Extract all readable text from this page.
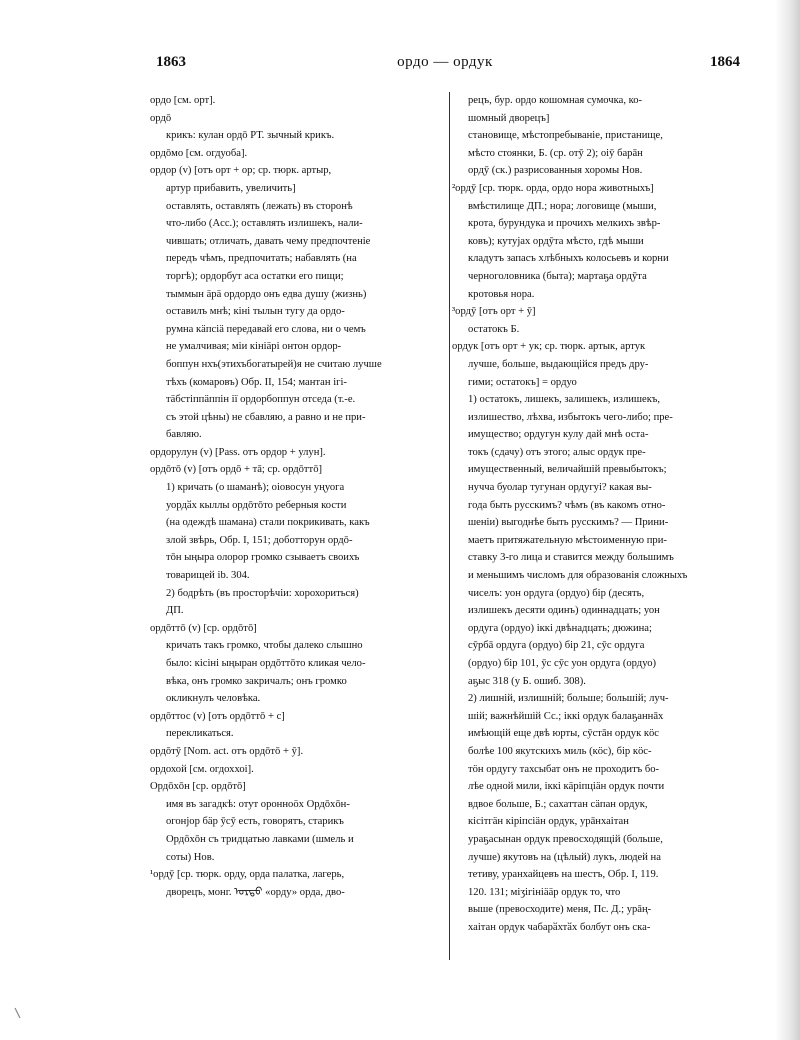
1863	ордо — ордук	1864
ордо [см. орт].
ордō
крикъ: кулан ордō РТ. зычный крикъ.
ордōмо [см. огдуоба].
ордор (v) [отъ орт + ор; ср. тюрк. артыр,
артур прибавить, увеличить]
оставлять, оставлять (лежать) въ сторонѣ
что-либо (Acc.); оставлять излишекъ, нали-
чившать; отличать, давать чему предпочтеніе
передъ чѣмъ, предпочитать; набавлять (на
торгѣ); ордорбут аса остатки его пищи;
тыммын ӓрӓ ордордо онъ едва душу (жизнь)
оставилъ мнѣ; кіні тылын тугу да ордо-
румна кӓпсіӓ передавай его слова, ни о чемъ
не умалчивая; міи кініӓрі онтон ордор-
боппун нхъ(этихъбогатырей)я не считаю лучше
тѣхъ (комаровъ) Обр. II, 154; мантан ігі-
тӓбстіппӓппін ії ордорбоппун отседа (т.-е.
съ этой цѣны) не сбавляю, а равно и не при-
бавляю.
ордорулун (v) [Pass. отъ ордор + улун].
ордōтō (v) [отъ ордō + тā; ср. ордōттō]
1) кричать (о шаманѣ); оіовосун уңуога
уордӑх кыллы ордōтōто реберныя кости
(на одеждѣ шамана) стали покрикивать, какъ
злой звѣрь, Обр. I, 151; доботторун ордō-
тōн ыңыра олорор громко сзываетъ своихъ
товарищей ib. 304.
2) бодрѣть (въ просторѣчіи: хорохориться)
ДП.
ордōттō (v) [ср. ордōтō]
кричать такъ громко, чтобы далеко слышно
было: кісіні ыңыран ордōттōто кликая чело-
вѣка, онъ громко закричалъ; онъ громко
окликнулъ человѣка.
ордōттос (v) [отъ ордōттō + с]
перекликаться.
ордōтӯ [Nom. act. отъ ордōтō + ӯ].
ордохой [см. огдоххоі].
Ордōхōн [ср. ордōтō]
имя въ загадкѣ: отут оронноӧх Ордōхōн-
огонјор бӓр ӯсӯ есть, говорятъ, старикъ
Ордōхōн съ тридцатью лавками (шмель и
соты) Нов.
¹ордӯ [ср. тюрк. орду, орда палатка, лагерь,
дворецъ, монг. ᠣᠷᠳᠤ «орду» орда, дво-
рецъ, бур. ордо кошомная сумочка, ко-
шомный дворецъ]
становище, мѣстопребываніе, пристанище,
мѣсто стоянки, Б. (ср. отӯ 2); оіӯ барāн
ордӯ (ск.) разрисованныя хоромы Нов.
²ордӯ [ср. тюрк. орда, ордо нора животныхъ]
вмѣстилище ДП.; нора; логовище (мыши,
крота, бурундука и прочихъ мелкихъ звѣр-
ковъ); кутујах ордӯта мѣсто, гдѣ мыши
кладутъ запасъ хлѣбныхъ колосьевъ и корни
черноголовника (быта); мартаҕа ордӯта
кротовья нора.
³ордӯ [отъ орт + ӯ]
остатокъ Б.
ордук [отъ орт + ук; ср. тюрк. артык, артук
лучше, больше, выдающійся предъ дру-
гими; остатокъ] = ордуо
1) остатокъ, лишекъ, залишекъ, излишекъ,
излишество, лѣхва, избытокъ чего-либо; пре-
имущество; ордугун кулу дай мнѣ оста-
токъ (сдачу) отъ этого; алыс ордук пре-
имущественный, величайшій превыбытокъ;
нучча буолар тугунан ордугуі? какая вы-
года быть русскимъ? чѣмъ (въ какомъ отно-
шеніи) выгоднѣе быть русскимъ? — Прини-
маетъ притяжательную мѣстоименную при-
ставку 3-го лица и ставится между большимъ
и меньшимъ числомъ для образованія сложныхъ
чиселъ: уон ордуга (ордуо) бір (десять,
излишекъ десяти одинъ) одиннадцать; уон
ордуга (ордуо) іккі двѣнадцать; дюжина;
сӯрбā ордуга (ордуо) бір 21, сӯс ордуга
(ордуо) бір 101, ӯс сӯс уон ордуга (ордуо)
аҕыс 318 (у Б. ошиб. 308).
2) лишній, излишній; больше; большій; луч-
шій; важнѣйшій Сс.; іккі ордук балаҕаннāх
имѣющій еще двѣ юрты, сӯстāн ордук кӧс
болѣе 100 якутскихъ миль (кӧс), бір кӧс-
тӧн ордугу тахсыбат онъ не проходитъ бо-
лѣе одной мили, іккі кӓріпціӓн ордук почти
вдвое больше, Б.; сахаттан сӓпан ордук,
кісітгӓн кіріпсіӓн ордук, урāнхаітан
ураҕасынан ордук превосходящій (больше,
лучше) якутовъ на (цѣлый) лукъ, людей на
тетиву, уранхайцевъ на шестъ, Обр. I, 119.
120. 131; міӡігініӓӓр ордук то, что
выше (превосходите) меня, Пс. Д.; урāң-
хаітан ордук чабарӑхтӑх болбут онъ ска-
